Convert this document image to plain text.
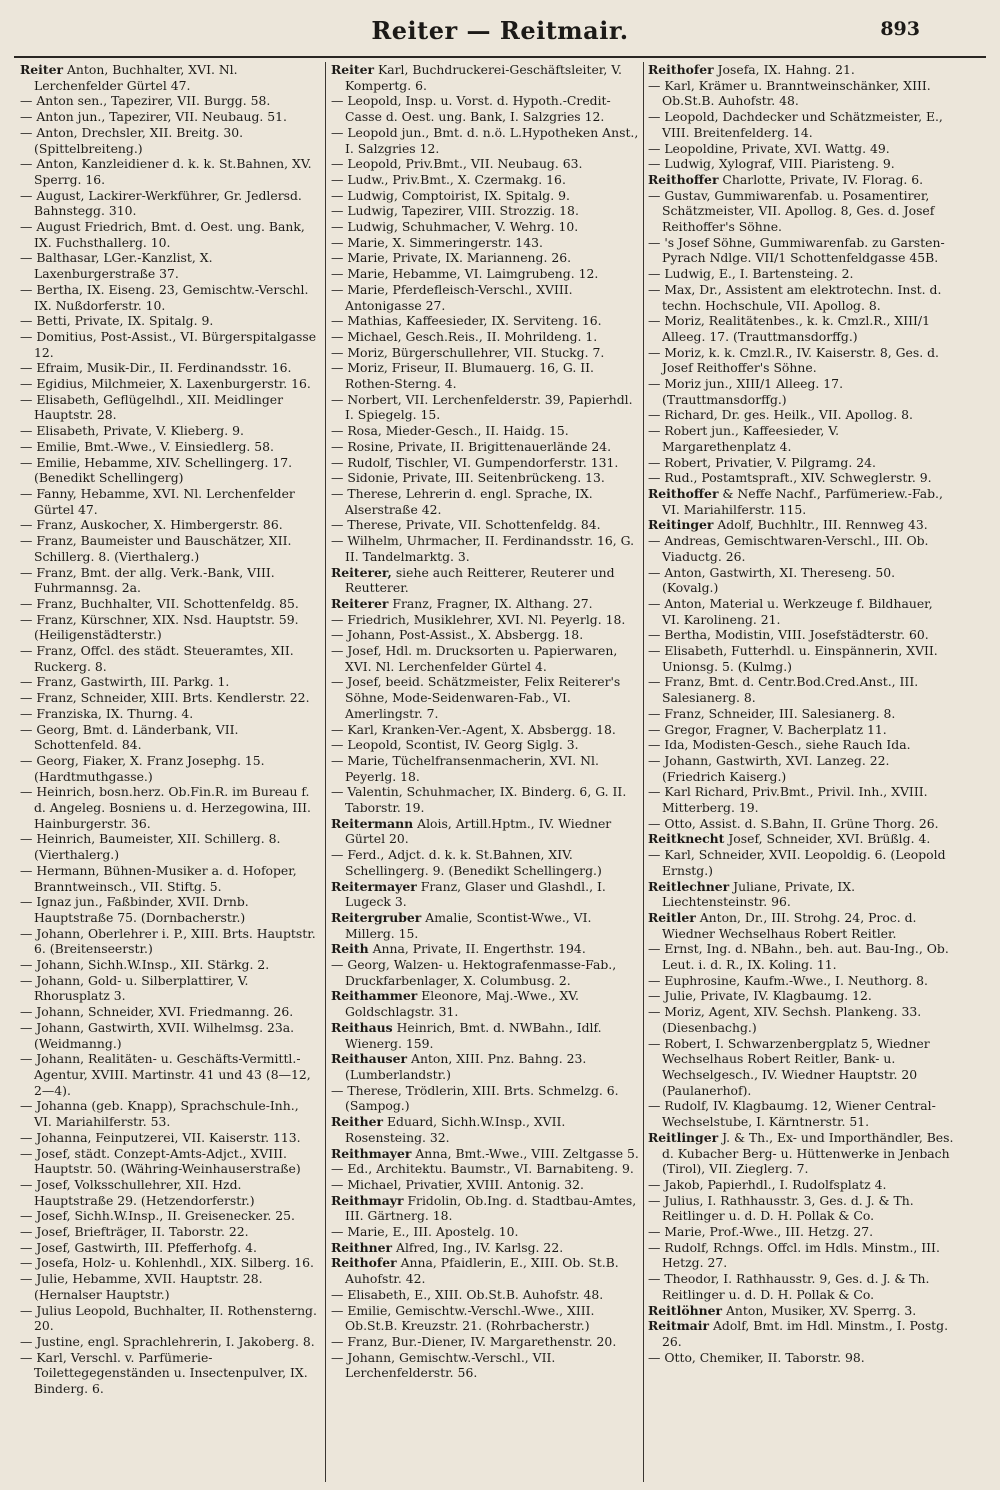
Reiter — Reitmair.	893

Reiter Anton, Buchhalter, XVI. Nl. Lerchenfelder Gürtel 47.

— Anton sen., Tapezirer, VII. Burgg. 58.

— Anton jun., Tapezirer, VII. Neubaug. 51.

— Anton, Drechsler, XII. Breitg. 30. (Spittelbreiteng.)

— Anton, Kanzleidiener d. k. k. St.Bahnen, XV. Sperrg. 16.

— August, Lackirer-Werkführer, Gr. Jedlersd. Bahnstegg. 310.

— August Friedrich, Bmt. d. Oest. ung. Bank, IX. Fuchsthallerg. 10.

— Balthasar, LGer.-Kanzlist, X. Laxenburgerstraße 37.

— Bertha, IX. Eiseng. 23, Gemischtw.-Verschl. IX. Nußdorferstr. 10.

— Betti, Private, IX. Spitalg. 9.

— Domitius, Post-Assist., VI. Bürgerspitalgasse 12.

— Efraim, Musik-Dir., II. Ferdinandsstr. 16.

— Egidius, Milchmeier, X. Laxenburgerstr. 16.

— Elisabeth, Geflügelhdl., XII. Meidlinger Hauptstr. 28.

— Elisabeth, Private, V. Klieberg. 9.

— Emilie, Bmt.-Wwe., V. Einsiedlerg. 58.

— Emilie, Hebamme, XIV. Schellingerg. 17. (Benedikt Schellingerg)

— Fanny, Hebamme, XVI. Nl. Lerchenfelder Gürtel 47.

— Franz, Auskocher, X. Himbergerstr. 86.

— Franz, Baumeister und Bauschätzer, XII. Schillerg. 8. (Vierthalerg.)

— Franz, Bmt. der allg. Verk.-Bank, VIII. Fuhrmannsg. 2a.

— Franz, Buchhalter, VII. Schottenfeldg. 85.

— Franz, Kürschner, XIX. Nsd. Hauptstr. 59. (Heiligenstädterstr.)

— Franz, Offcl. des städt. Steueramtes, XII. Ruckerg. 8.

— Franz, Gastwirth, III. Parkg. 1.

— Franz, Schneider, XIII. Brts. Kendlerstr. 22.

— Franziska, IX. Thurng. 4.

— Georg, Bmt. d. Länderbank, VII. Schottenfeld. 84.

— Georg, Fiaker, X. Franz Josephg. 15. (Hardtmuthgasse.)

— Heinrich, bosn.herz. Ob.Fin.R. im Bureau f. d. Angeleg. Bosniens u. d. Herzegowina, III. Hainburgerstr. 36.

— Heinrich, Baumeister, XII. Schillerg. 8. (Vierthalerg.)

— Hermann, Bühnen-Musiker a. d. Hofoper, Branntweinsch., VII. Stiftg. 5.

— Ignaz jun., Faßbinder, XVII. Drnb. Hauptstraße 75. (Dornbacherstr.)

— Johann, Oberlehrer i. P., XIII. Brts. Hauptstr. 6. (Breitenseerstr.)

— Johann, Sichh.W.Insp., XII. Stärkg. 2.

— Johann, Gold- u. Silberplattirer, V. Rhorusplatz 3.

— Johann, Schneider, XVI. Friedmanng. 26.

— Johann, Gastwirth, XVII. Wilhelmsg. 23a. (Weidmanng.)

— Johann, Realitäten- u. Geschäfts-Vermittl.-Agentur, XVIII. Martinstr. 41 und 43 (8—12, 2—4).

— Johanna (geb. Knapp), Sprachschule-Inh., VI. Mariahilferstr. 53.

— Johanna, Feinputzerei, VII. Kaiserstr. 113.

— Josef, städt. Conzept-Amts-Adjct., XVIII. Hauptstr. 50. (Währing-Weinhauserstraße)

— Josef, Volksschullehrer, XII. Hzd. Hauptstraße 29. (Hetzendorferstr.)

— Josef, Sichh.W.Insp., II. Greisenecker. 25.

— Josef, Briefträger, II. Taborstr. 22.

— Josef, Gastwirth, III. Pfefferhofg. 4.

— Josefa, Holz- u. Kohlenhdl., XIX. Silberg. 16.

— Julie, Hebamme, XVII. Hauptstr. 28. (Hernalser Hauptstr.)

— Julius Leopold, Buchhalter, II. Rothensterng. 20.

— Justine, engl. Sprachlehrerin, I. Jakoberg. 8.

— Karl, Verschl. v. Parfümerie-Toilettegegenständen u. Insectenpulver, IX. Binderg. 6.

Reiter Karl, Buchdruckerei-Geschäftsleiter, V. Kompertg. 6.

— Leopold, Insp. u. Vorst. d. Hypoth.-Credit-Casse d. Oest. ung. Bank, I. Salzgries 12.

— Leopold jun., Bmt. d. n.ö. L.Hypotheken Anst., I. Salzgries 12.

— Leopold, Priv.Bmt., VII. Neubaug. 63.

— Ludw., Priv.Bmt., X. Czermakg. 16.

— Ludwig, Comptoirist, IX. Spitalg. 9.

— Ludwig, Tapezirer, VIII. Strozzig. 18.

— Ludwig, Schuhmacher, V. Wehrg. 10.

— Marie, X. Simmeringerstr. 143.

— Marie, Private, IX. Marianneng. 26.

— Marie, Hebamme, VI. Laimgrubeng. 12.

— Marie, Pferdefleisch-Verschl., XVIII. Antonigasse 27.

— Mathias, Kaffeesieder, IX. Serviteng. 16.

— Michael, Gesch.Reis., II. Mohrildeng. 1.

— Moriz, Bürgerschullehrer, VII. Stuckg. 7.

— Moriz, Friseur, II. Blumauerg. 16, G. II. Rothen-Sterng. 4.

— Norbert, VII. Lerchenfelderstr. 39, Papierhdl. I. Spiegelg. 15.

— Rosa, Mieder-Gesch., II. Haidg. 15.

— Rosine, Private, II. Brigittenauerlände 24.

— Rudolf, Tischler, VI. Gumpendorferstr. 131.

— Sidonie, Private, III. Seitenbrückeng. 13.

— Therese, Lehrerin d. engl. Sprache, IX. Alserstraße 42.

— Therese, Private, VII. Schottenfeldg. 84.

— Wilhelm, Uhrmacher, II. Ferdinandsstr. 16, G. II. Tandelmarktg. 3.

Reiterer, siehe auch Reitterer, Reuterer und Reutterer.

Reiterer Franz, Fragner, IX. Althang. 27.

— Friedrich, Musiklehrer, XVI. Nl. Peyerlg. 18.

— Johann, Post-Assist., X. Absbergg. 18.

— Josef, Hdl. m. Drucksorten u. Papierwaren, XVI. Nl. Lerchenfelder Gürtel 4.

— Josef, beeid. Schätzmeister, Felix Reiterer's Söhne, Mode-Seidenwaren-Fab., VI. Amerlingstr. 7.

— Karl, Kranken-Ver.-Agent, X. Absbergg. 18.

— Leopold, Scontist, IV. Georg Siglg. 3.

— Marie, Tüchelfransenmacherin, XVI. Nl. Peyerlg. 18.

— Valentin, Schuhmacher, IX. Binderg. 6, G. II. Taborstr. 19.

Reitermann Alois, Artill.Hptm., IV. Wiedner Gürtel 20.

— Ferd., Adjct. d. k. k. St.Bahnen, XIV. Schellingerg. 9. (Benedikt Schellingerg.)

Reitermayer Franz, Glaser und Glashdl., I. Lugeck 3.

Reitergruber Amalie, Scontist-Wwe., VI. Millerg. 15.

Reith Anna, Private, II. Engerthstr. 194.

— Georg, Walzen- u. Hektografenmasse-Fab., Druckfarbenlager, X. Columbusg. 2.

Reithammer Eleonore, Maj.-Wwe., XV. Goldschlagstr. 31.

Reithaus Heinrich, Bmt. d. NWBahn., Idlf. Wienerg. 159.

Reithauser Anton, XIII. Pnz. Bahng. 23. (Lumberlandstr.)

— Therese, Trödlerin, XIII. Brts. Schmelzg. 6. (Sampog.)

Reither Eduard, Sichh.W.Insp., XVII. Rosensteing. 32.

Reithmayer Anna, Bmt.-Wwe., VIII. Zeltgasse 5.

— Ed., Architektu. Baumstr., VI. Barnabiteng. 9.

— Michael, Privatier, XVIII. Antonig. 32.

Reithmayr Fridolin, Ob.Ing. d. Stadtbau-Amtes, III. Gärtnerg. 18.

— Marie, E., III. Apostelg. 10.

Reithner Alfred, Ing., IV. Karlsg. 22.

Reithofer Anna, Pfaidlerin, E., XIII. Ob. St.B. Auhofstr. 42.

— Elisabeth, E., XIII. Ob.St.B. Auhofstr. 48.

— Emilie, Gemischtw.-Verschl.-Wwe., XIII. Ob.St.B. Kreuzstr. 21. (Rohrbacherstr.)

— Franz, Bur.-Diener, IV. Margarethenstr. 20.

— Johann, Gemischtw.-Verschl., VII. Lerchenfelderstr. 56.

Reithofer Josefa, IX. Hahng. 21.

— Karl, Krämer u. Branntweinschänker, XIII. Ob.St.B. Auhofstr. 48.

— Leopold, Dachdecker und Schätzmeister, E., VIII. Breitenfelderg. 14.

— Leopoldine, Private, XVI. Wattg. 49.

— Ludwig, Xylograf, VIII. Piaristeng. 9.

Reithoffer Charlotte, Private, IV. Florag. 6.

— Gustav, Gummiwarenfab. u. Posamentirer, Schätzmeister, VII. Apollog. 8, Ges. d. Josef Reithoffer's Söhne.

— 's Josef Söhne, Gummiwarenfab. zu Garsten-Pyrach Ndlge. VII/1 Schottenfeldgasse 45B.

— Ludwig, E., I. Bartensteing. 2.

— Max, Dr., Assistent am elektrotechn. Inst. d. techn. Hochschule, VII. Apollog. 8.

— Moriz, Realitätenbes., k. k. Cmzl.R., XIII/1 Alleeg. 17. (Trauttmansdorffg.)

— Moriz, k. k. Cmzl.R., IV. Kaiserstr. 8, Ges. d. Josef Reithoffer's Söhne.

— Moriz jun., XIII/1 Alleeg. 17. (Trauttmansdorffg.)

— Richard, Dr. ges. Heilk., VII. Apollog. 8.

— Robert jun., Kaffeesieder, V. Margarethenplatz 4.

— Robert, Privatier, V. Pilgramg. 24.

— Rud., Postamtspraft., XIV. Schweglerstr. 9.

Reithoffer & Neffe Nachf., Parfümeriew.-Fab., VI. Mariahilferstr. 115.

Reitinger Adolf, Buchhltr., III. Rennweg 43.

— Andreas, Gemischtwaren-Verschl., III. Ob. Viaductg. 26.

— Anton, Gastwirth, XI. Thereseng. 50. (Kovalg.)

— Anton, Material u. Werkzeuge f. Bildhauer, VI. Karolineng. 21.

— Bertha, Modistin, VIII. Josefstädterstr. 60.

— Elisabeth, Futterhdl. u. Einspännerin, XVII. Unionsg. 5. (Kulmg.)

— Franz, Bmt. d. Centr.Bod.Cred.Anst., III. Salesianerg. 8.

— Franz, Schneider, III. Salesianerg. 8.

— Gregor, Fragner, V. Bacherplatz 11.

— Ida, Modisten-Gesch., siehe Rauch Ida.

— Johann, Gastwirth, XVI. Lanzeg. 22. (Friedrich Kaiserg.)

— Karl Richard, Priv.Bmt., Privil. Inh., XVIII. Mitterberg. 19.

— Otto, Assist. d. S.Bahn, II. Grüne Thorg. 26.

Reitknecht Josef, Schneider, XVI. Brüßlg. 4.

— Karl, Schneider, XVII. Leopoldig. 6. (Leopold Ernstg.)

Reitlechner Juliane, Private, IX. Liechtensteinstr. 96.

Reitler Anton, Dr., III. Strohg. 24, Proc. d. Wiedner Wechselhaus Robert Reitler.

— Ernst, Ing. d. NBahn., beh. aut. Bau-Ing., Ob. Leut. i. d. R., IX. Koling. 11.

— Euphrosine, Kaufm.-Wwe., I. Neuthorg. 8.

— Julie, Private, IV. Klagbaumg. 12.

— Moriz, Agent, XIV. Sechsh. Plankeng. 33. (Diesenbachg.)

— Robert, I. Schwarzenbergplatz 5, Wiedner Wechselhaus Robert Reitler, Bank- u. Wechselgesch., IV. Wiedner Hauptstr. 20 (Paulanerhof).

— Rudolf, IV. Klagbaumg. 12, Wiener Central-Wechselstube, I. Kärntnerstr. 51.

Reitlinger J. & Th., Ex- und Importhändler, Bes. d. Kubacher Berg- u. Hüttenwerke in Jenbach (Tirol), VII. Zieglerg. 7.

— Jakob, Papierhdl., I. Rudolfsplatz 4.

— Julius, I. Rathhausstr. 3, Ges. d. J. & Th. Reitlinger u. d. D. H. Pollak & Co.

— Marie, Prof.-Wwe., III. Hetzg. 27.

— Rudolf, Rchngs. Offcl. im Hdls. Minstm., III. Hetzg. 27.

— Theodor, I. Rathhausstr. 9, Ges. d. J. & Th. Reitlinger u. d. D. H. Pollak & Co.

Reitlöhner Anton, Musiker, XV. Sperrg. 3.

Reitmair Adolf, Bmt. im Hdl. Minstm., I. Postg. 26.

— Otto, Chemiker, II. Taborstr. 98.
